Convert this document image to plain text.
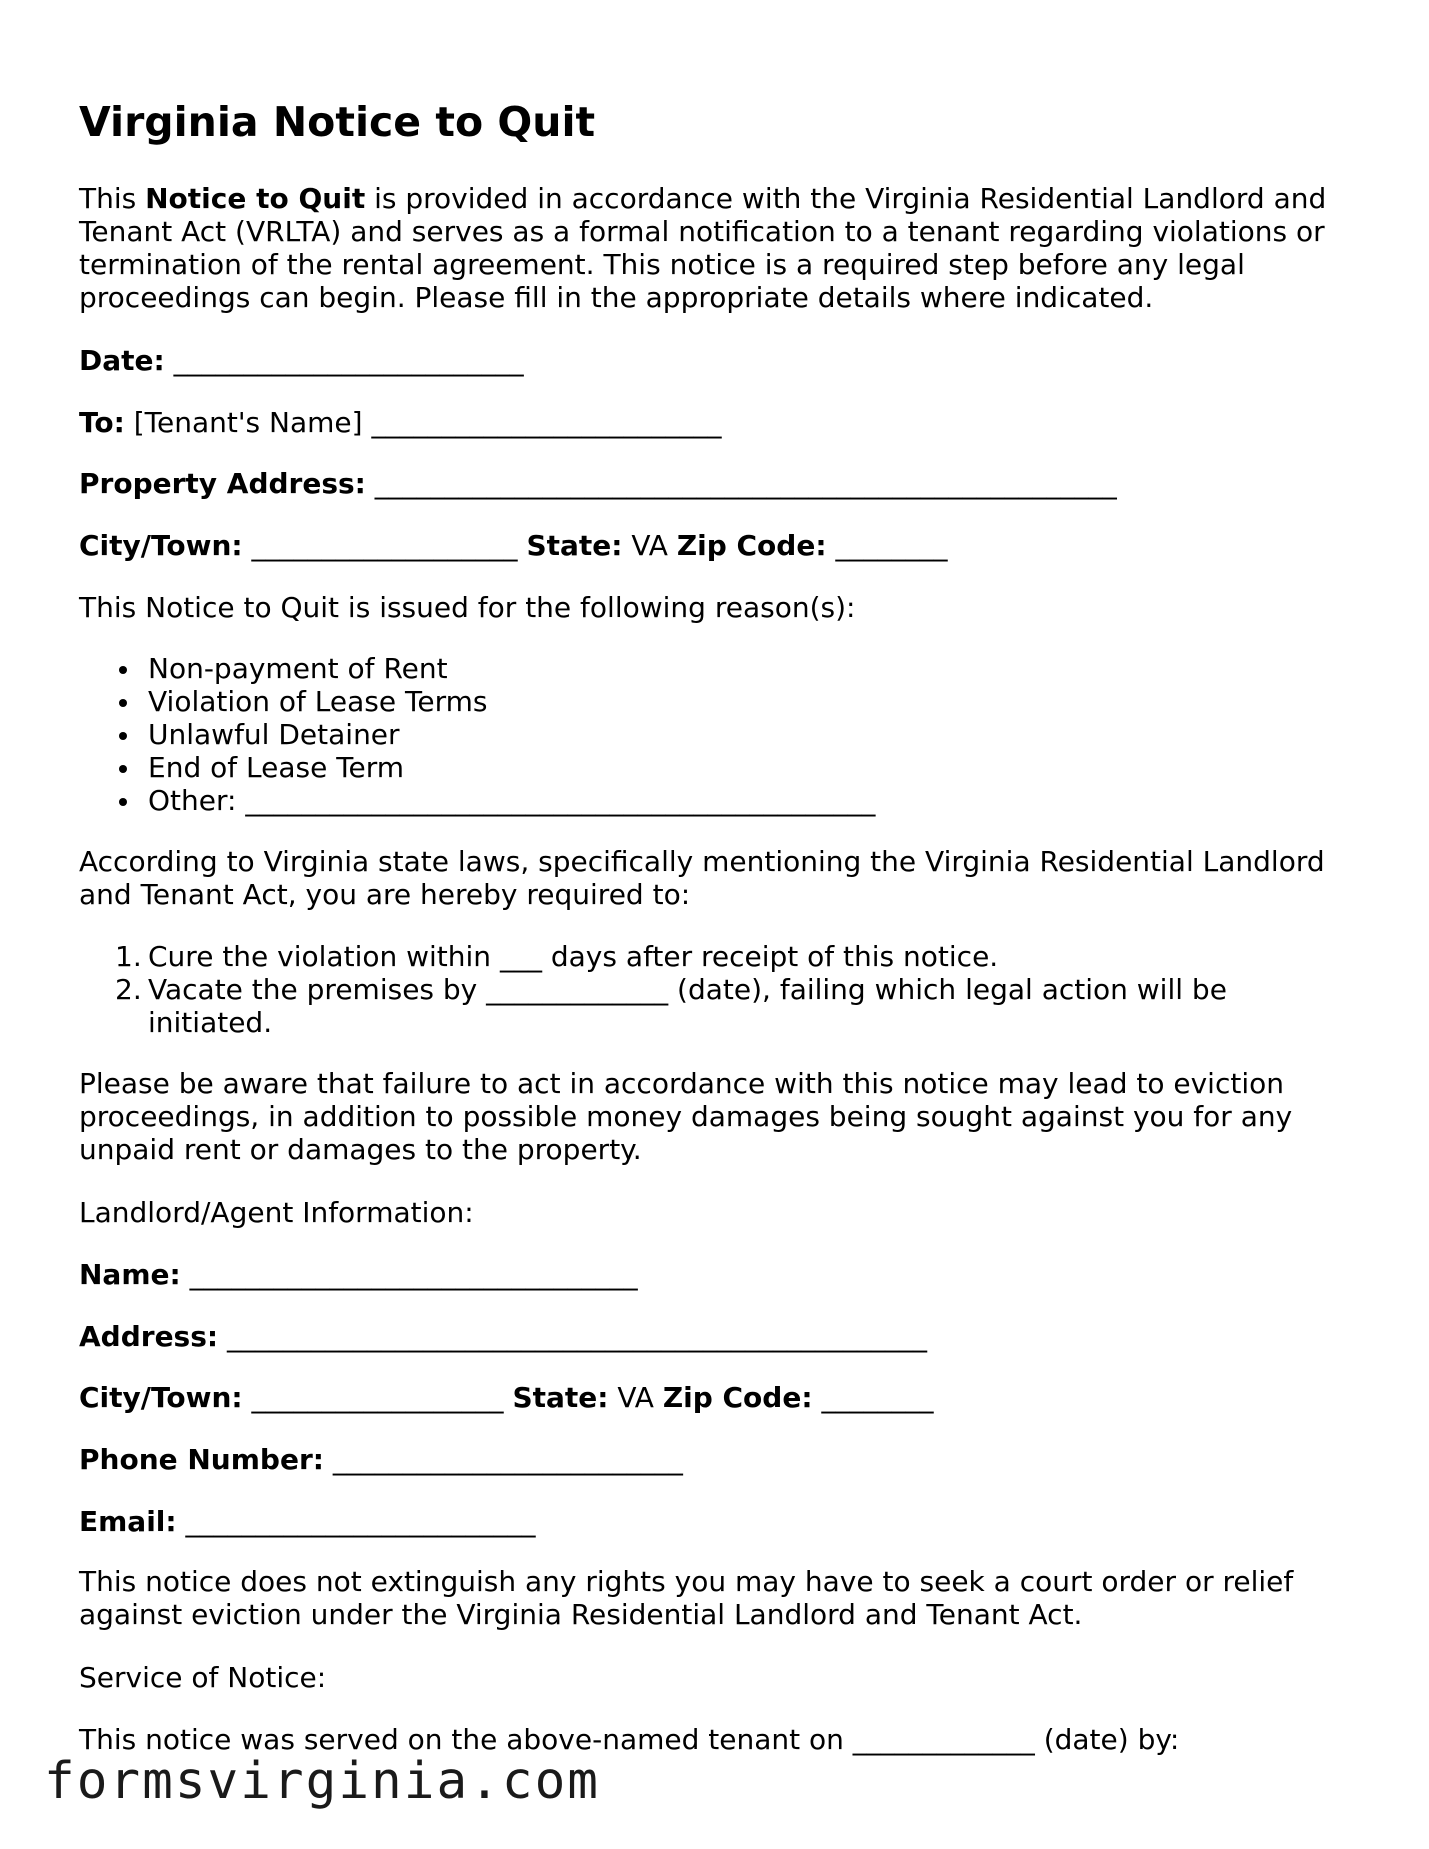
Virginia Notice to Quit
This Notice to Quit is provided in accordance with the Virginia Residential Landlord and Tenant Act (VRLTA) and serves as a formal notification to a tenant regarding violations or termination of the rental agreement. This notice is a required step before any legal proceedings can begin. Please fill in the appropriate details where indicated.
Date: _________________________
To: [Tenant's Name] _________________________
Property Address: _____________________________________________________
City/Town: ___________________ State: VA Zip Code: ________
This Notice to Quit is issued for the following reason(s):
Non-payment of Rent
Violation of Lease Terms
Unlawful Detainer
End of Lease Term
Other: _____________________________________________
According to Virginia state laws, specifically mentioning the Virginia Residential Landlord and Tenant Act, you are hereby required to:
1. Cure the violation within ___ days after receipt of this notice.
2. Vacate the premises by _____________ (date), failing which legal action will be initiated.
Please be aware that failure to act in accordance with this notice may lead to eviction proceedings, in addition to possible money damages being sought against you for any unpaid rent or damages to the property.
Landlord/Agent Information:
Name: ________________________________
Address: __________________________________________________
City/Town: __________________ State: VA Zip Code: ________
Phone Number: _________________________
Email: _________________________
This notice does not extinguish any rights you may have to seek a court order or relief against eviction under the Virginia Residential Landlord and Tenant Act.
Service of Notice:
This notice was served on the above-named tenant on _____________ (date) by:
formsvirginia.com
